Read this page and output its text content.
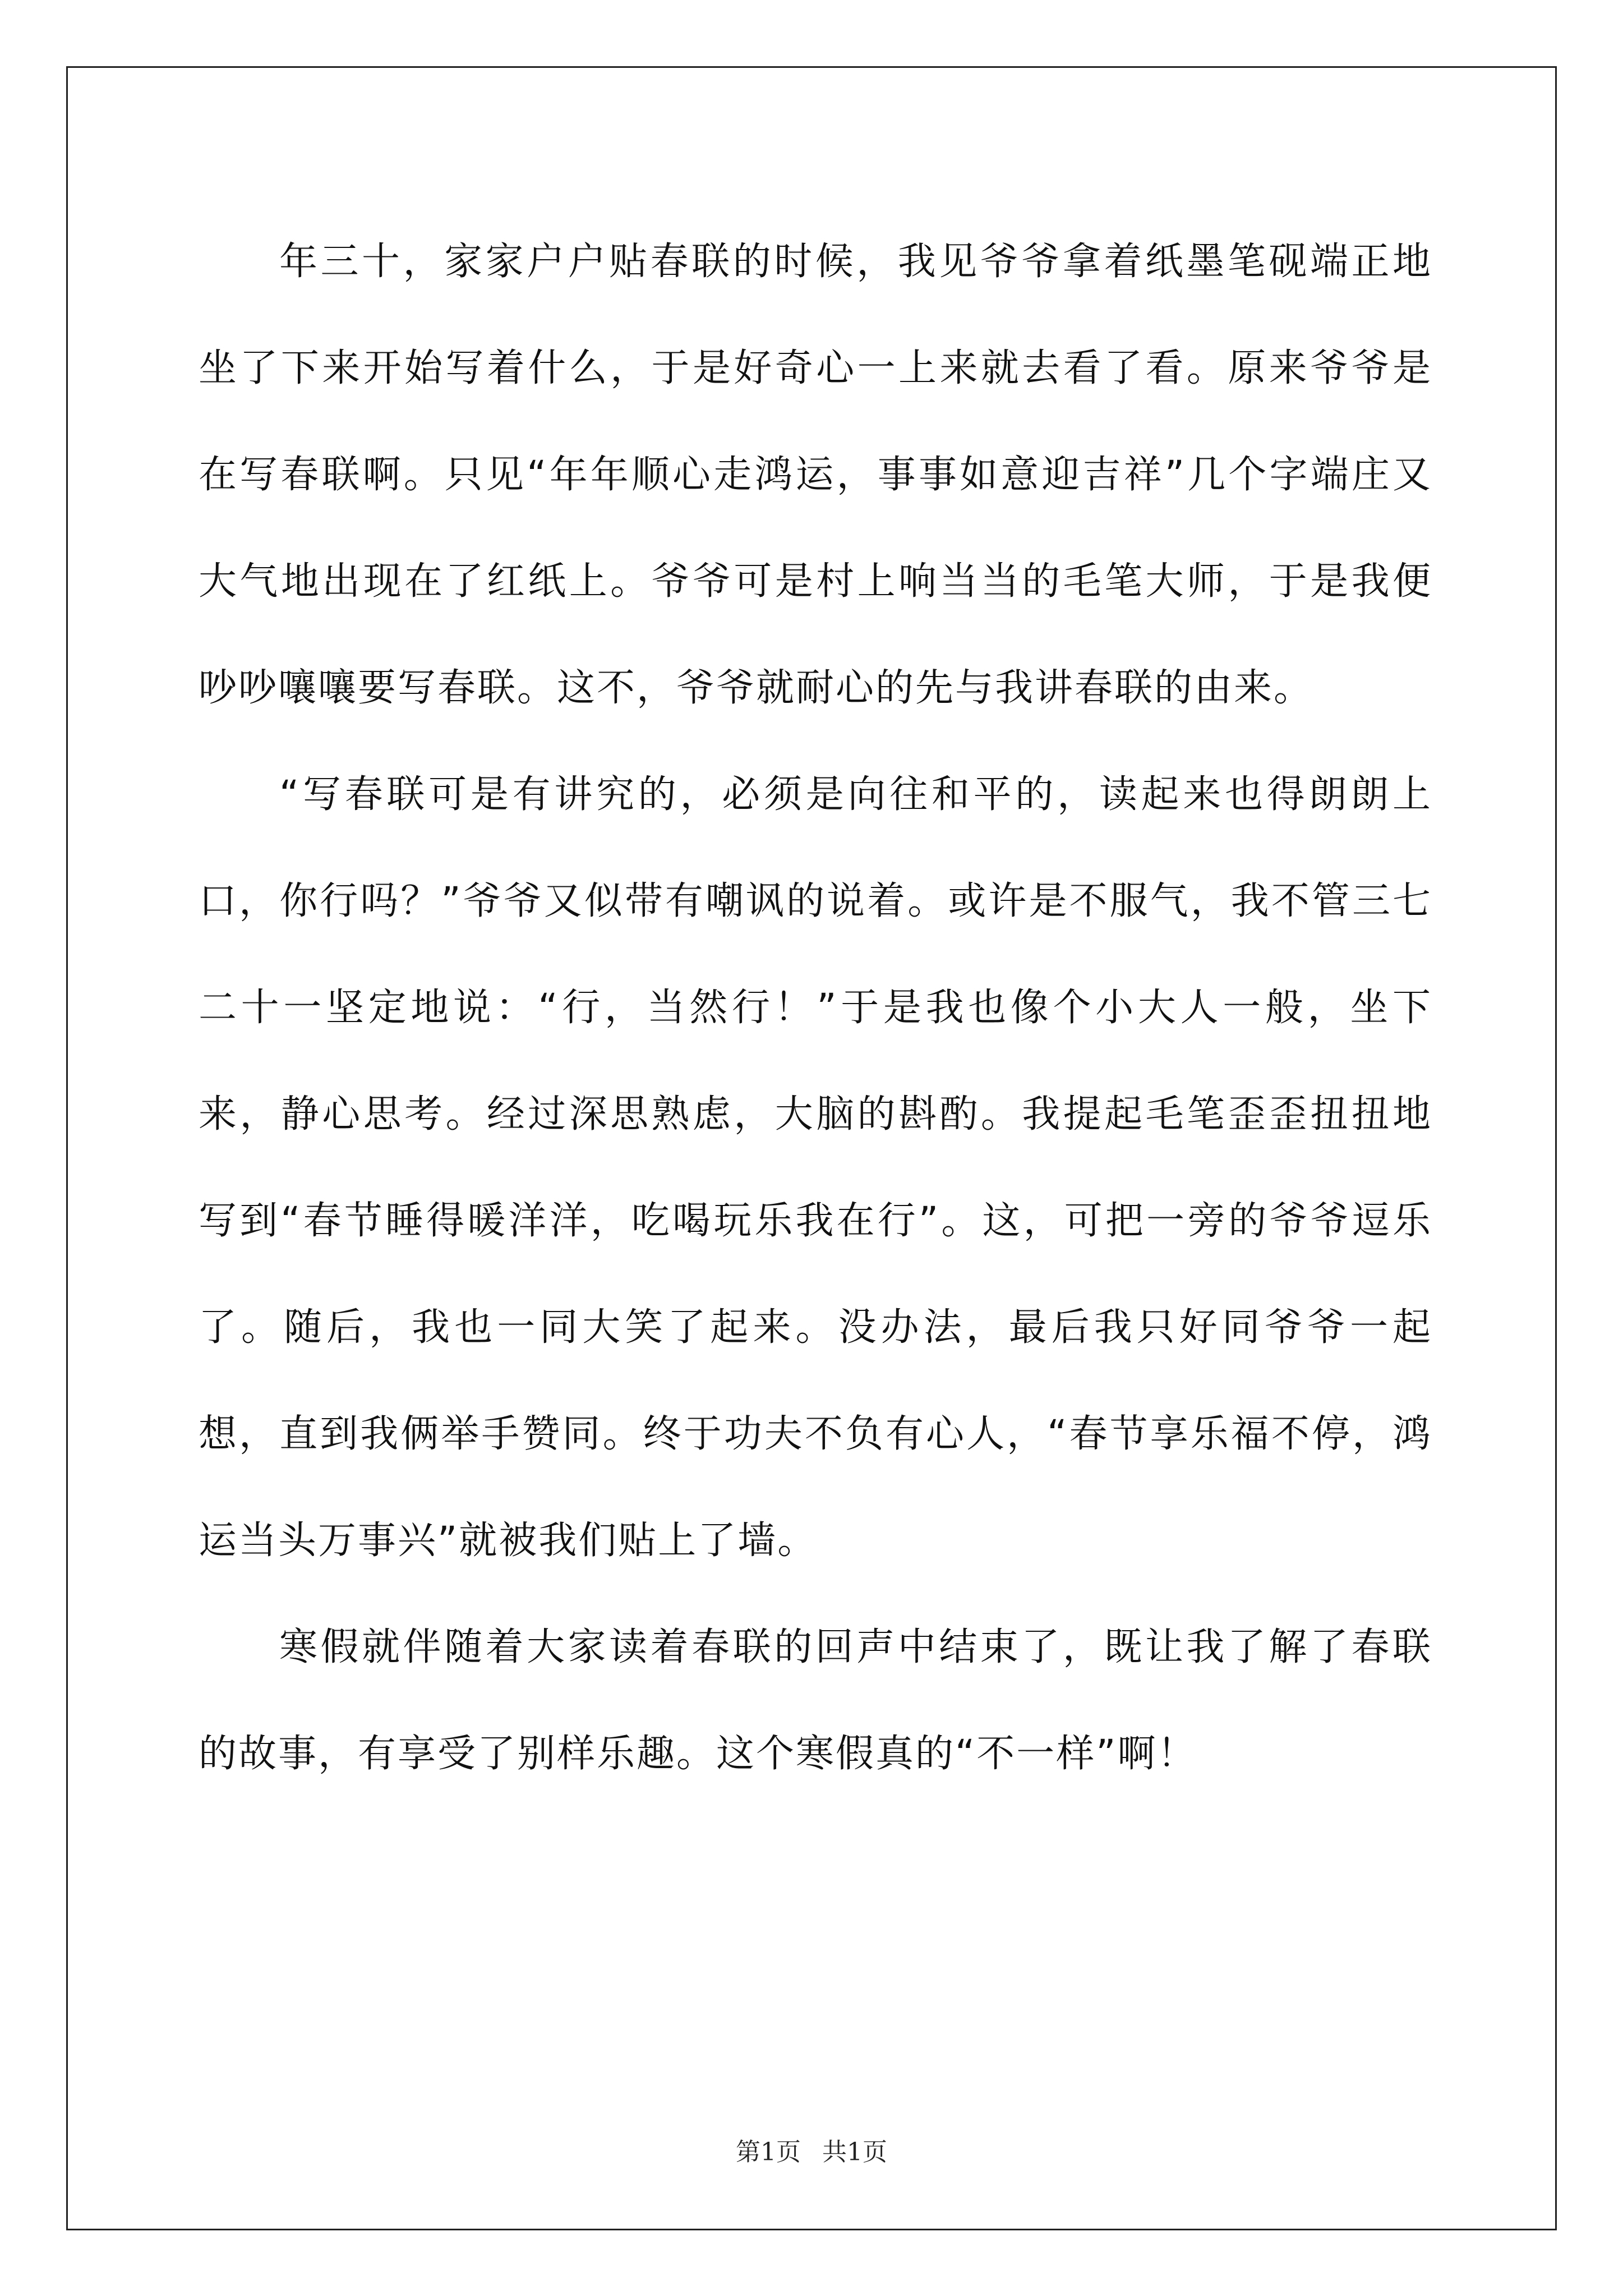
年三十，家家户户贴春联的时候，我见爷爷拿着纸墨笔砚端正地坐了下来开始写着什么，于是好奇心一上来就去看了看。原来爷爷是在写春联啊。只见“年年顺心走鸿运，事事如意迎吉祥”几个字端庄又大气地出现在了红纸上。爷爷可是村上响当当的毛笔大师，于是我便吵吵嚷嚷要写春联。这不，爷爷就耐心的先与我讲春联的由来。

“写春联可是有讲究的，必须是向往和平的，读起来也得朗朗上口，你行吗？”爷爷又似带有嘲讽的说着。或许是不服气，我不管三七二十一坚定地说：“行，当然行！”于是我也像个小大人一般，坐下来，静心思考。经过深思熟虑，大脑的斟酌。我提起毛笔歪歪扭扭地写到“春节睡得暖洋洋，吃喝玩乐我在行”。这，可把一旁的爷爷逗乐了。随后，我也一同大笑了起来。没办法，最后我只好同爷爷一起想，直到我俩举手赞同。终于功夫不负有心人，“春节享乐福不停，鸿运当头万事兴”就被我们贴上了墙。

寒假就伴随着大家读着春联的回声中结束了，既让我了解了春联的故事，有享受了别样乐趣。这个寒假真的“不一样”啊！

第1页 共1页
